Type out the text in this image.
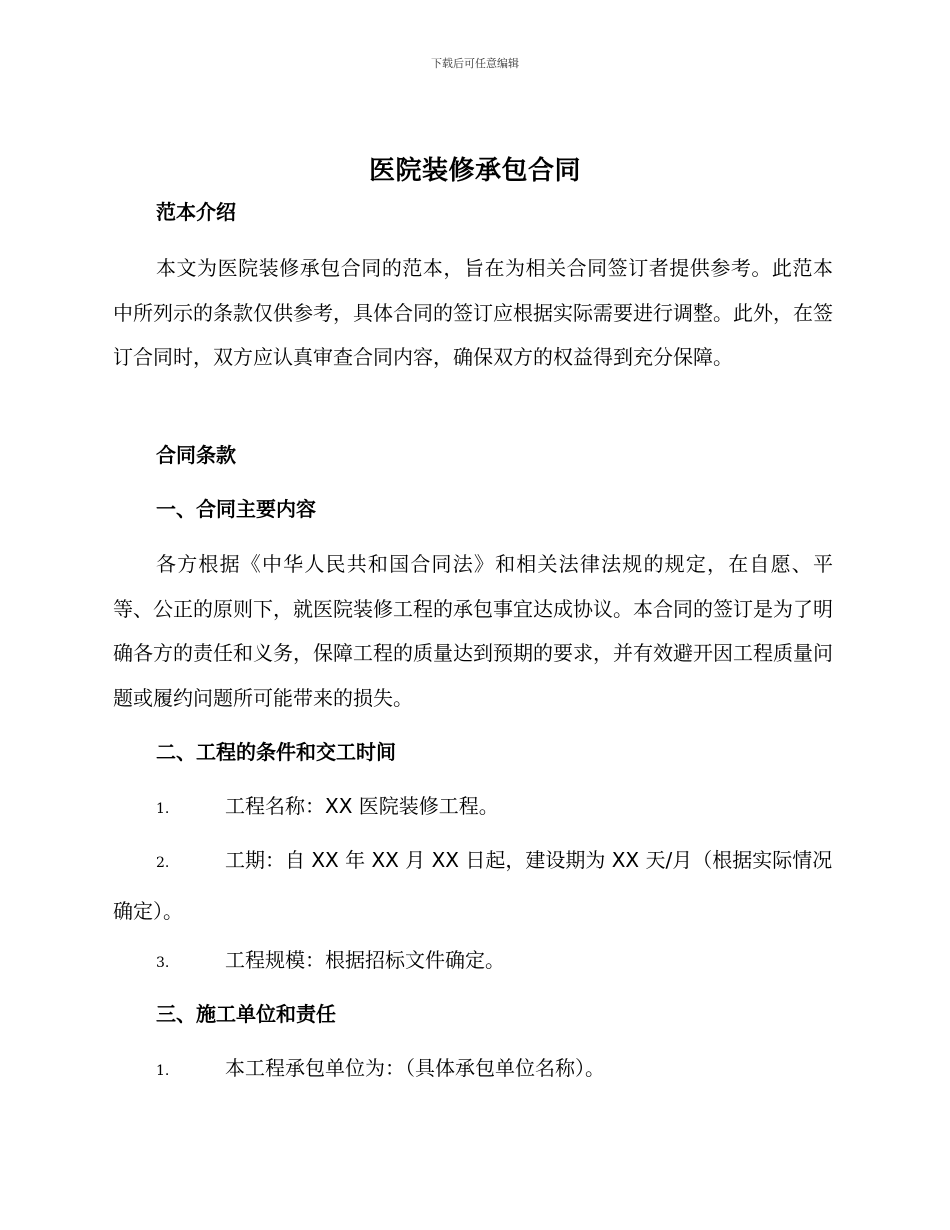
下载后可任意编辑
医院装修承包合同
范本介绍
本文为医院装修承包合同的范本，旨在为相关合同签订者提供参考。此范本中所列示的条款仅供参考，具体合同的签订应根据实际需要进行调整。此外，在签订合同时，双方应认真审查合同内容，确保双方的权益得到充分保障。
合同条款
一、合同主要内容
各方根据《中华人民共和国合同法》和相关法律法规的规定，在自愿、平等、公正的原则下，就医院装修工程的承包事宜达成协议。本合同的签订是为了明确各方的责任和义务，保障工程的质量达到预期的要求，并有效避开因工程质量问题或履约问题所可能带来的损失。
二、工程的条件和交工时间
1.	工程名称：XX 医院装修工程。
2.	工期：自 XX 年 XX 月 XX 日起，建设期为 XX 天/月（根据实际情况确定）。
3.	工程规模：根据招标文件确定。
三、施工单位和责任
1.	本工程承包单位为：（具体承包单位名称）。
